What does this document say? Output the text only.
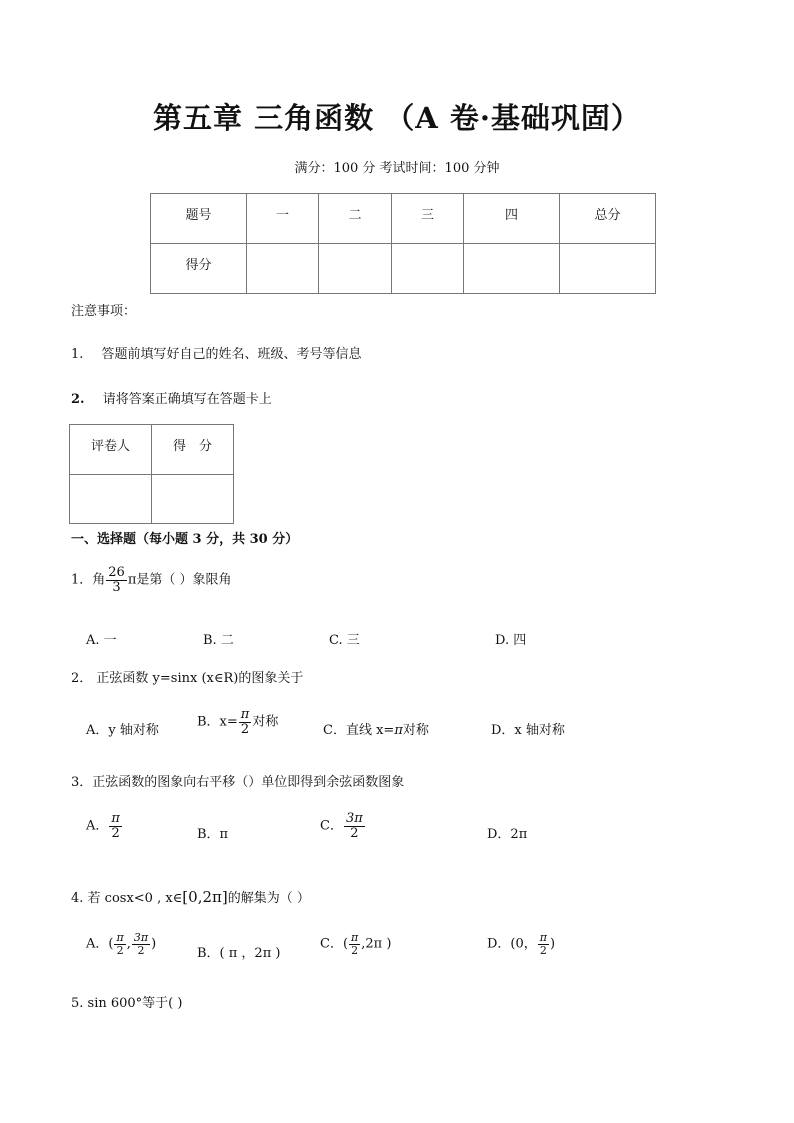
第五章 三角函数 （A 卷·基础巩固）
满分：100 分 考试时间：100 分钟
题号	一	二	三	四	总分
得分					
注意事项：
1. 答题前填写好自己的姓名、班级、考号等信息
2. 请将答案正确填写在答题卡上
评卷人	得　分

一、选择题（每小题 3 分，共 30 分）
1．角 $\frac{26}{3}$ π是第（ ）象限角
A. 一	B. 二	C. 三	D. 四
2． 正弦函数 y=sinx (x∈R)的图象关于
A．y 轴对称
B．$x= \frac{\pi}{2}$ 对称
C．直线 x=π对称	D．x 轴对称
3．正弦函数的图象向右平移（）单位即得到余弦函数图象
A． $\frac{\pi}{2}$	B．π
C． $\frac{3\pi}{2}$	D．2π
4. 若 cosx<0 , x∈[0,2π]的解集为（ ）
A．( $\frac{\pi}{2}$ , $\frac{3\pi}{2}$ )
B．( π ，2π )
C．( $\frac{\pi}{2} ,2\pi$ )	D．(0， $\frac{\pi}{2}$ )
5. sin 600°等于( )
